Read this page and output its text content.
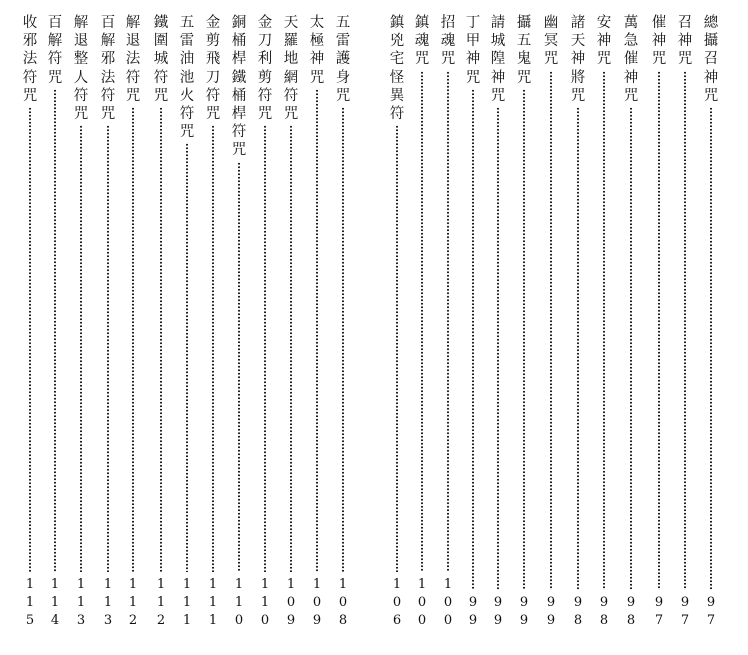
總
攝
召
神
咒
9
7
召
神
咒
9
7
催
神
咒
9
7
萬
急
催
神
咒
9
8
安
神
咒
9
8
諸
天
神
將
咒
9
8
幽
冥
咒
9
9
攝
五
鬼
咒
9
9
請
城
隍
神
咒
9
9
丁
甲
神
咒
9
9
招
魂
咒
1
0
0
鎮
魂
咒
1
0
0
鎮
兇
宅
怪
異
符
1
0
6
五
雷
護
身
咒
1
0
8
太
極
神
咒
1
0
9
天
羅
地
網
符
咒
1
0
9
金
刀
利
剪
符
咒
1
1
0
銅
桶
桿
鐵
桶
桿
符
咒
1
1
0
金
剪
飛
刀
符
咒
1
1
1
五
雷
油
池
火
符
咒
1
1
1
鐵
圍
城
符
咒
1
1
2
解
退
法
符
咒
1
1
2
百
解
邪
法
符
咒
1
1
3
解
退
整
人
符
咒
1
1
3
百
解
符
咒
1
1
4
收
邪
法
符
咒
1
1
5
